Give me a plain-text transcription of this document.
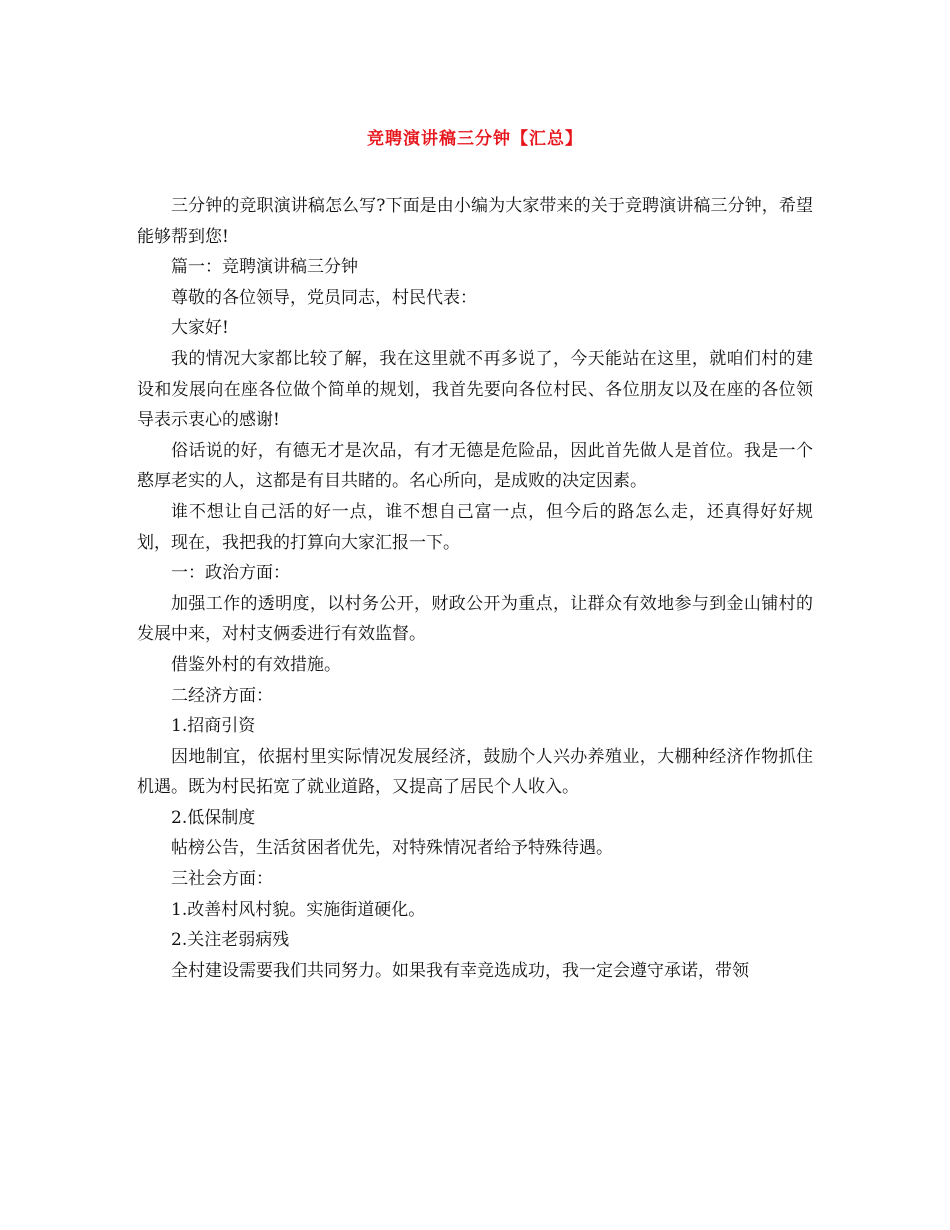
竞聘演讲稿三分钟【汇总】

三分钟的竞职演讲稿怎么写?下面是由小编为大家带来的关于竞聘演讲稿三分钟，希望能够帮到您!

篇一：竞聘演讲稿三分钟

尊敬的各位领导，党员同志，村民代表：

大家好!

我的情况大家都比较了解，我在这里就不再多说了，今天能站在这里，就咱们村的建设和发展向在座各位做个简单的规划，我首先要向各位村民、各位朋友以及在座的各位领导表示衷心的感谢!

俗话说的好，有德无才是次品，有才无德是危险品，因此首先做人是首位。我是一个憨厚老实的人，这都是有目共睹的。名心所向，是成败的决定因素。

谁不想让自己活的好一点，谁不想自己富一点，但今后的路怎么走，还真得好好规划，现在，我把我的打算向大家汇报一下。

一：政治方面：

加强工作的透明度，以村务公开，财政公开为重点，让群众有效地参与到金山铺村的发展中来，对村支俩委进行有效监督。

借鉴外村的有效措施。

二经济方面：

1.招商引资

因地制宜，依据村里实际情况发展经济，鼓励个人兴办养殖业，大棚种经济作物抓住机遇。既为村民拓宽了就业道路，又提高了居民个人收入。

2.低保制度

帖榜公告，生活贫困者优先，对特殊情况者给予特殊待遇。

三社会方面：

1.改善村风村貌。实施街道硬化。

2.关注老弱病残

全村建设需要我们共同努力。如果我有幸竞选成功，我一定会遵守承诺，带领
